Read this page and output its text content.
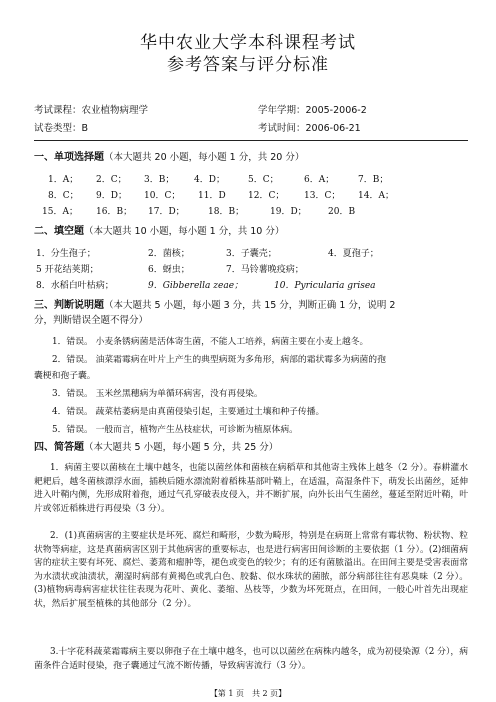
华中农业大学本科课程考试
参考答案与评分标准
考试课程：农业植物病理学	学年学期：2005-2006-2
试卷类型：B	考试时间：2006-06-21
一、单项选择题（本大题共 20 小题，每小题 1 分，共 20 分）
1．A； 2．C； 3．B； 4．D；	5．C；	6．A；	7．B；
8．C； 9．D； 10．C； 11．D 12．C； 13．C； 14．A；
15．A； 16．B； 17．D；	18．B；	19．D； 20．B
二、填空题（本大题共 10 小题，每小题 1 分，共 10 分）
1．分生孢子；	2．菌核；	3．子囊壳；	4．夏孢子；
5 开花结荚期；	6．蚜虫；	7．马铃薯晚疫病；
8．水稻白叶枯病；	9．Gibberella zeae；	10．Pyricularia grisea
三、判断说明题（本大题共 5 小题，每小题 3 分，共 15 分，判断正确 1 分，说明 2
分，判断错误全题不得分）
1．错误。 小麦条锈病菌是活体寄生菌，不能人工培养，病菌主要在小麦上越冬。
2．错误。 油菜霜霉病在叶片上产生的典型病斑为多角形，病部的霜状霉多为病菌的孢
囊梗和孢子囊。
3．错误。 玉米丝黑穗病为单循环病害，没有再侵染。
4．错误。 蔬菜枯萎病是由真菌侵染引起，主要通过土壤和种子传播。
5．错误。 一般而言，植物产生丛枝症状，可诊断为植原体病。
四、简答题（本大题共 5 小题，每小题 5 分，共 25 分）
1．病菌主要以菌核在土壤中越冬，也能以菌丝体和菌核在病稻草和其他寄主残体上越冬（2 分）。春耕灌水耙耙后，越冬菌核漂浮水面，插秧后随水漂流附着稻株基部叶鞘上，在适温，高湿条件下，萌发长出菌丝，延伸进入叶鞘内侧，先形成附着孢，通过气孔穿破表皮侵入，并不断扩展，向外长出气生菌丝，蔓延至附近叶鞘，叶片或邻近稻株进行再侵染（3 分）。
2．(1)真菌病害的主要症状是坏死、腐烂和畸形，少数为畸形，特别是在病斑上常常有霉状物、粉状物、粒状物等病症，这是真菌病害区别于其他病害的重要标志，也是进行病害田间诊断的主要依据（1 分）。(2)细菌病害的症状主要有坏死、腐烂、萎蔫和瘤肿等，褪色或变色的较少；有的还有菌脓溢出。在田间主要是受害表面常为水渍状或油渍状，潮湿时病部有黄褐色或乳白色、胶黏、似水珠状的菌脓，部分病部往往有恶臭味（2 分）。(3)植物病毒病害症状往往表现为花叶、黄化、萎缩、丛枝等，少数为坏死斑点，在田间，一般心叶首先出现症状，然后扩展至植株的其他部分（2 分）。
3.十字花科蔬菜霜霉病主要以卵孢子在土壤中越冬，也可以以菌丝在病株内越冬，成为初侵染源（2 分），病菌条件合适时侵染，孢子囊通过气流不断传播，导致病害流行（3 分）。
【第 1 页　共 2 页】
